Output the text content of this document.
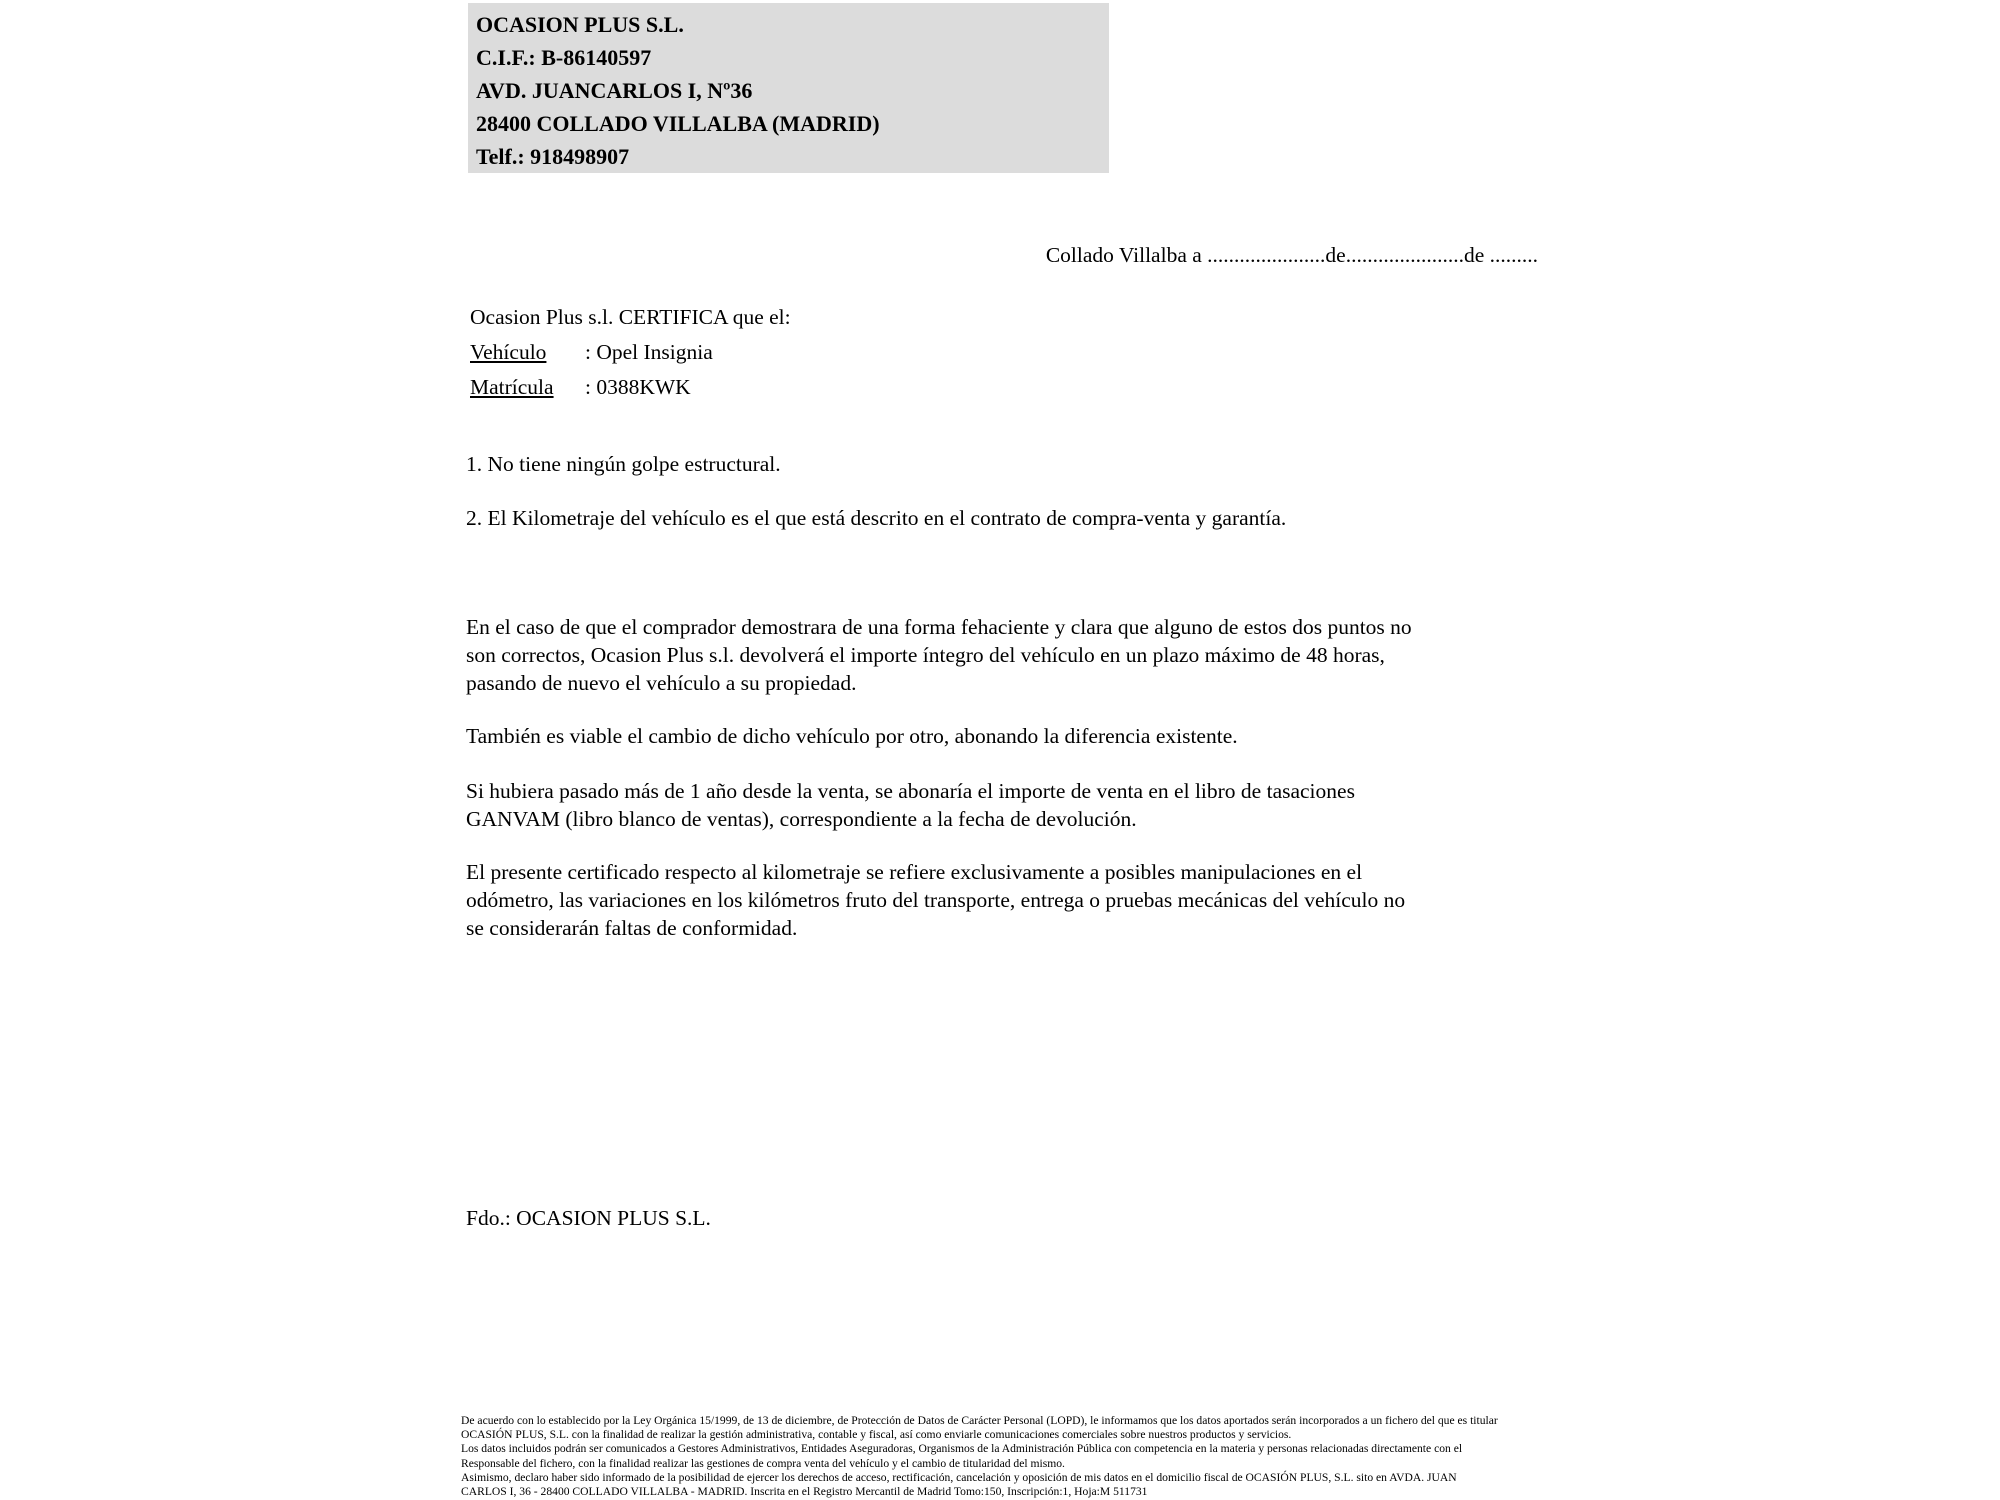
OCASION PLUS S.L.
C.I.F.: B-86140597
AVD. JUANCARLOS I, Nº36
28400 COLLADO VILLALBA (MADRID)
Telf.: 918498907
Collado Villalba a ......................de......................de .........
Ocasion Plus s.l. CERTIFICA que el:
Vehículo : Opel Insignia
Matrícula : 0388KWK
1. No tiene ningún golpe estructural.
2. El Kilometraje del vehículo es el que está descrito en el contrato de compra-venta y garantía.
En el caso de que el comprador demostrara de una forma fehaciente y clara que alguno de estos dos puntos no
son correctos, Ocasion Plus s.l. devolverá el importe íntegro del vehículo en un plazo máximo de 48 horas,
pasando de nuevo el vehículo a su propiedad.
También es viable el cambio de dicho vehículo por otro, abonando la diferencia existente.
Si hubiera pasado más de 1 año desde la venta, se abonaría el importe de venta en el libro de tasaciones
GANVAM (libro blanco de ventas), correspondiente a la fecha de devolución.
El presente certificado respecto al kilometraje se refiere exclusivamente a posibles manipulaciones en el
odómetro, las variaciones en los kilómetros fruto del transporte, entrega o pruebas mecánicas del vehículo no
se considerarán faltas de conformidad.
Fdo.: OCASION PLUS S.L.
De acuerdo con lo establecido por la Ley Orgánica 15/1999, de 13 de diciembre, de Protección de Datos de Carácter Personal (LOPD), le informamos que los datos aportados serán incorporados a un fichero del que es titular
OCASIÓN PLUS, S.L. con la finalidad de realizar la gestión administrativa, contable y fiscal, así como enviarle comunicaciones comerciales sobre nuestros productos y servicios.
Los datos incluidos podrán ser comunicados a Gestores Administrativos, Entidades Aseguradoras, Organismos de la Administración Pública con competencia en la materia y personas relacionadas directamente con el
Responsable del fichero, con la finalidad realizar las gestiones de compra venta del vehículo y el cambio de titularidad del mismo.
Asimismo, declaro haber sido informado de la posibilidad de ejercer los derechos de acceso, rectificación, cancelación y oposición de mis datos en el domicilio fiscal de OCASIÓN PLUS, S.L. sito en AVDA. JUAN
CARLOS I, 36 - 28400 COLLADO VILLALBA - MADRID. Inscrita en el Registro Mercantil de Madrid Tomo:150, Inscripción:1, Hoja:M 511731
